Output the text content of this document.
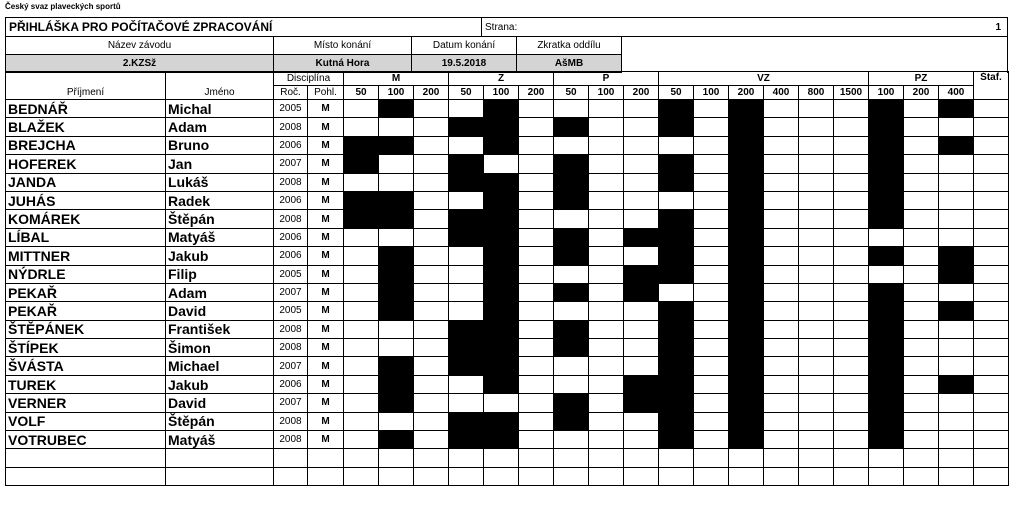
Český svaz plaveckých sportů
PŘIHLÁŠKA PRO POČÍTAČOVÉ ZPRACOVÁNÍ	Strana:	1
Název závodu	Místo konání	Datum konání	Zkratka oddílu	
2.KZSž	Kutná Hora	19.5.2018	AšMB	
		Disciplína		M			Z			P			VZ						PZ			Štaf.
Příjmení	Jméno	Roč.	Pohl.	50	100	200	50	100	200	50	100	200	50	100	200	400	800	1500	100	200	400	
BEDNÁŘ	Michal	2005	M																			
BLAŽEK	Adam	2008	M																			
BREJCHA	Bruno	2006	M																			
HOFEREK	Jan	2007	M																			
JANDA	Lukáš	2008	M																			
JUHÁS	Radek	2006	M																			
KOMÁREK	Štěpán	2008	M																			
LÍBAL	Matyáš	2006	M																			
MITTNER	Jakub	2006	M																			
NÝDRLE	Filip	2005	M																			
PEKAŘ	Adam	2007	M																			
PEKAŘ	David	2005	M																			
ŠTĚPÁNEK	František	2008	M																			
ŠTÍPEK	Šimon	2008	M																			
ŠVÁSTA	Michael	2007	M																			
TUREK	Jakub	2006	M																			
VERNER	David	2007	M																			
VOLF	Štěpán	2008	M																			
VOTRUBEC	Matyáš	2008	M																			
